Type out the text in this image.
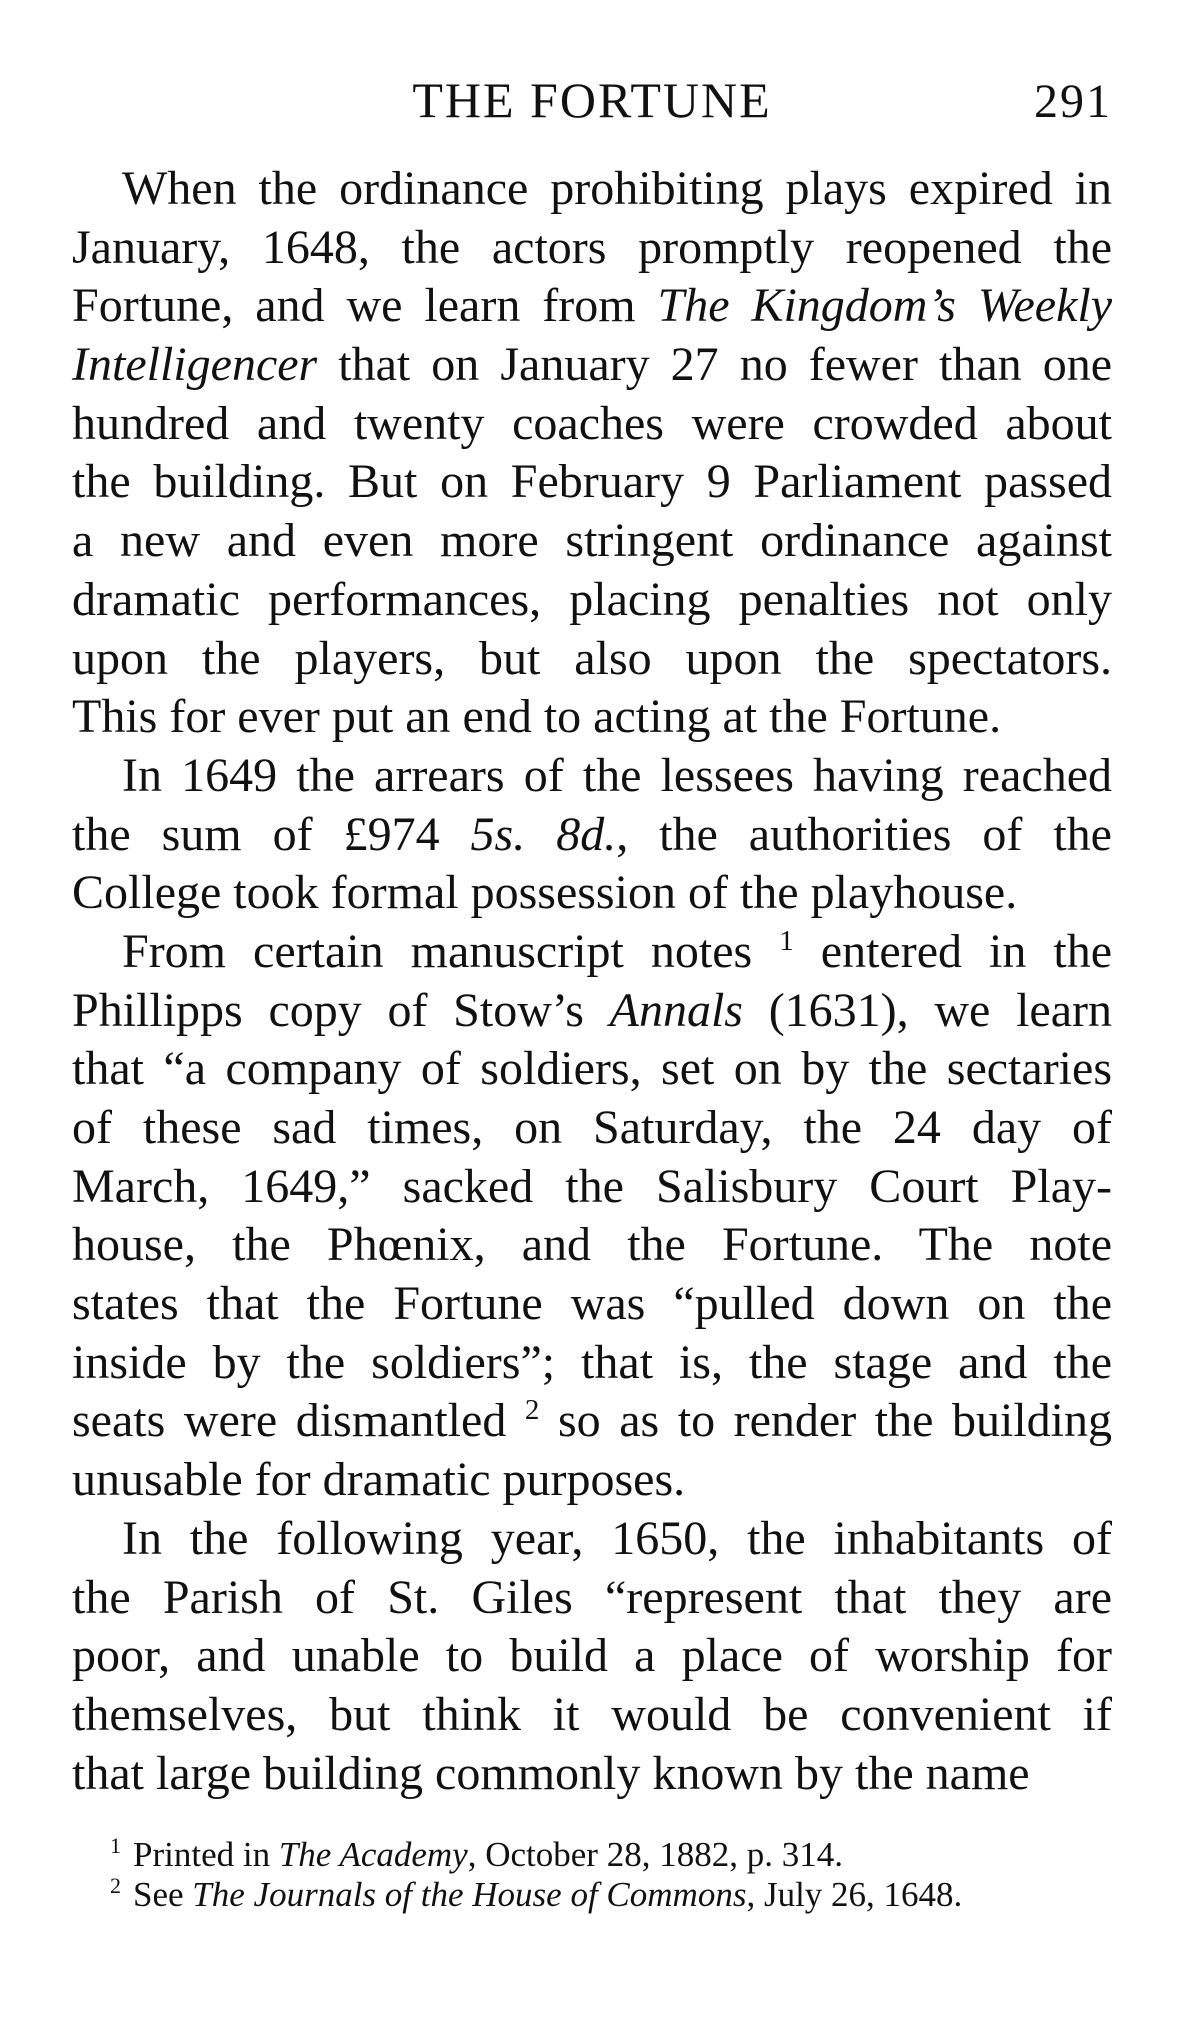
THE FORTUNE	291
When the ordinance prohibiting plays expired in
January, 1648, the actors promptly reopened the
Fortune, and we learn from The Kingdom’s Weekly
Intelligencer that on January 27 no fewer than one
hundred and twenty coaches were crowded about
the building. But on February 9 Parliament passed
a new and even more stringent ordinance against
dramatic performances, placing penalties not only
upon the players, but also upon the spectators.
This for ever put an end to acting at the Fortune.
In 1649 the arrears of the lessees having reached
the sum of £974 5s. 8d., the authorities of the
College took formal possession of the playhouse.
From certain manuscript notes $^1$ entered in the
Phillipps copy of Stow’s Annals (1631), we learn
that “a company of soldiers, set on by the sectaries
of these sad times, on Saturday, the 24 day of
March, 1649,” sacked the Salisbury Court Play-
house, the Phœnix, and the Fortune. The note
states that the Fortune was “pulled down on the
inside by the soldiers”; that is, the stage and the
seats were dismantled $^2$ so as to render the building
unusable for dramatic purposes.
In the following year, 1650, the inhabitants of
the Parish of St. Giles “represent that they are
poor, and unable to build a place of worship for
themselves, but think it would be convenient if
that large building commonly known by the name
$^1$ Printed in The Academy, October 28, 1882, p. 314.
$^2$ See The Journals of the House of Commons, July 26, 1648.
